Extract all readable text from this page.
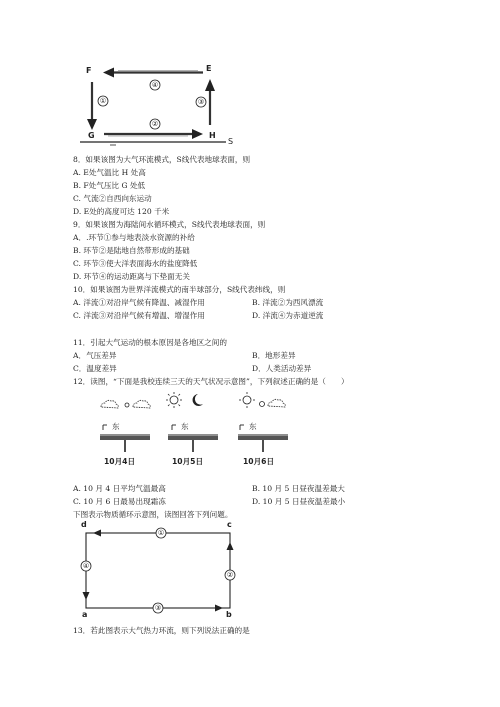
F	E
G	H
S
8．如果该图为大气环流模式，S线代表地球表面，则
A. E处气温比 H 处高
B. F处气压比 G 处低
C. 气流②自西向东运动
D. E处的高度可达 120 千米
9．如果该图为海陆间水循环模式，S线代表地球表面，则
A．.环节①参与地表淡水资源的补给
B. 环节②是陆地自然带形成的基础
C. 环节③使大洋表面海水的盐度降低
D. 环节④的运动距离与下垫面无关
10．如果该图为世界洋流模式的南半球部分，S线代表纬线，则
A. 洋流①对沿岸气候有降温、减湿作用	B. 洋流②为西风漂流
C. 洋流③对沿岸气候有增温、增湿作用	D. 洋流④为赤道逆流
11．引起大气运动的根本原因是各地区之间的
A．气压差异	B．地形差异
C．温度差异	D．人类活动差异
12．读图，“下面是我校连续三天的天气状况示意图”，下列叙述正确的是（　　）
东	东	东
10月4日	10月5日	10月6日
A. 10 月 4 日平均气温最高	B. 10 月 5 日昼夜温差最大
C. 10 月 6 日最易出现霜冻	D. 10 月 5 日昼夜温差最小
下图表示物质循环示意图，读图回答下列问题。
d	c
a	b
13．若此图表示大气热力环流，则下列说法正确的是
④
①	③
②
①
④
②
③
